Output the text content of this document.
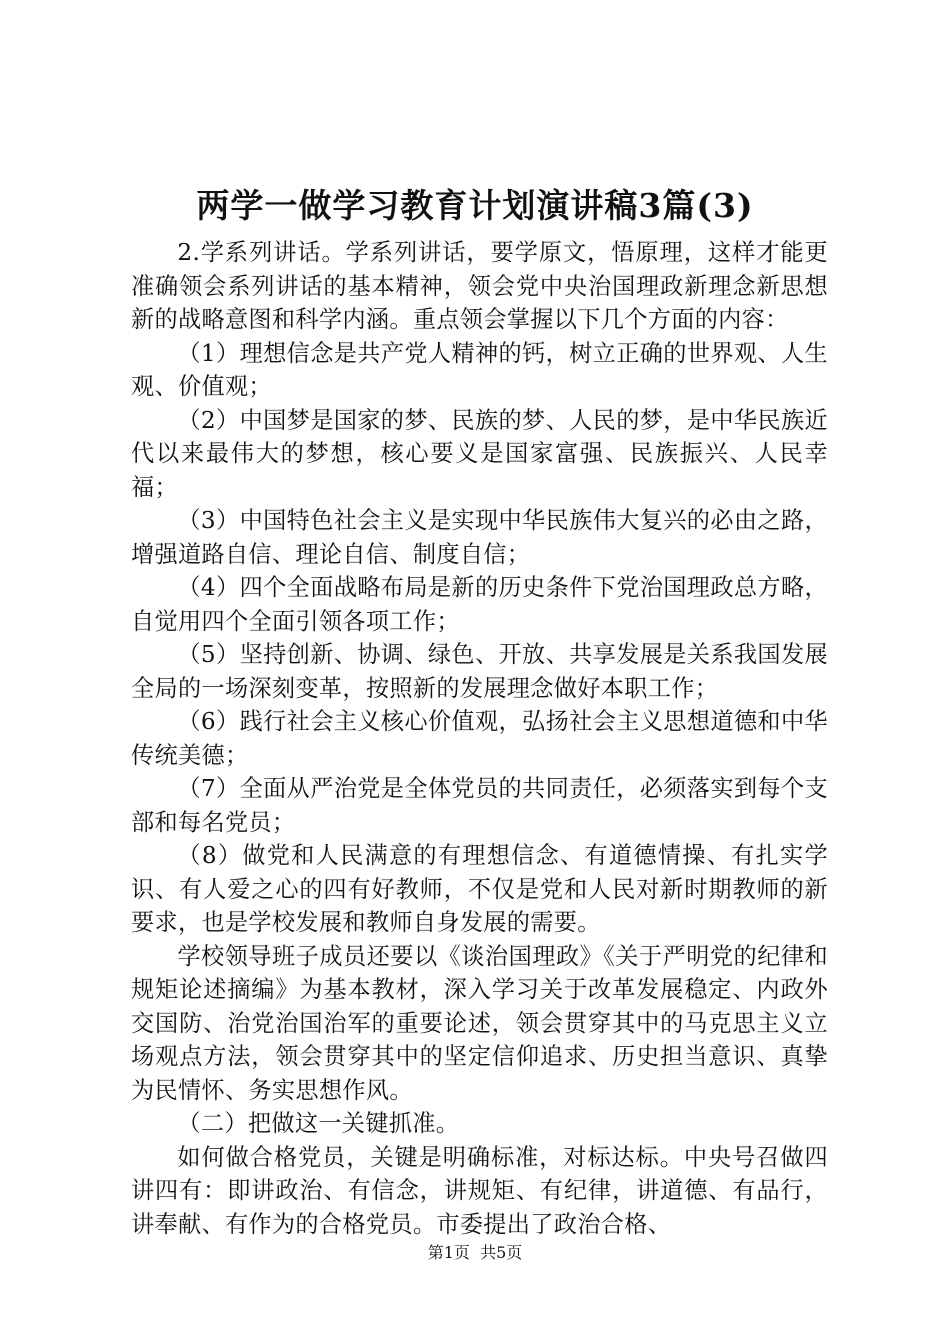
两学一做学习教育计划演讲稿3篇(3)

2.学系列讲话。学系列讲话，要学原文，悟原理，这样才能更准确领会系列讲话的基本精神，领会党中央治国理政新理念新思想新的战略意图和科学内涵。重点领会掌握以下几个方面的内容：

（1）理想信念是共产党人精神的钙，树立正确的世界观、人生观、价值观；

（2）中国梦是国家的梦、民族的梦、人民的梦，是中华民族近代以来最伟大的梦想，核心要义是国家富强、民族振兴、人民幸福；

（3）中国特色社会主义是实现中华民族伟大复兴的必由之路，增强道路自信、理论自信、制度自信；

（4）四个全面战略布局是新的历史条件下党治国理政总方略，自觉用四个全面引领各项工作；

（5）坚持创新、协调、绿色、开放、共享发展是关系我国发展全局的一场深刻变革，按照新的发展理念做好本职工作；

（6）践行社会主义核心价值观，弘扬社会主义思想道德和中华传统美德；

（7）全面从严治党是全体党员的共同责任，必须落实到每个支部和每名党员；

（8）做党和人民满意的有理想信念、有道德情操、有扎实学识、有人爱之心的四有好教师，不仅是党和人民对新时期教师的新要求，也是学校发展和教师自身发展的需要。

学校领导班子成员还要以《谈治国理政》《关于严明党的纪律和规矩论述摘编》为基本教材，深入学习关于改革发展稳定、内政外交国防、治党治国治军的重要论述，领会贯穿其中的马克思主义立场观点方法，领会贯穿其中的坚定信仰追求、历史担当意识、真挚为民情怀、务实思想作风。

（二）把做这一关键抓准。

如何做合格党员，关键是明确标准，对标达标。中央号召做四讲四有：即讲政治、有信念，讲规矩、有纪律，讲道德、有品行，讲奉献、有作为的合格党员。市委提出了政治合格、

第1页 共5页
